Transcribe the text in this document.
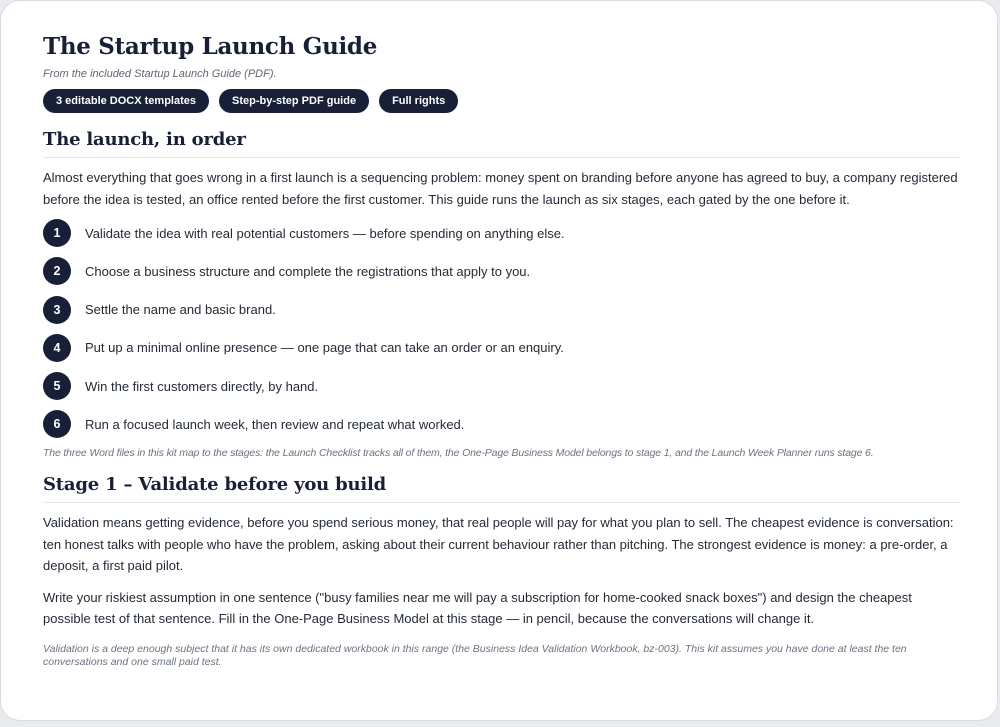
The Startup Launch Guide
From the included Startup Launch Guide (PDF).
3 editable DOCX templates	Step-by-step PDF guide	Full rights
The launch, in order

Almost everything that goes wrong in a first launch is a sequencing problem: money spent on branding before anyone has agreed to buy, a company registered before the idea is tested, an office rented before the first customer. This guide runs the launch as six stages, each gated by the one before it.

1	Validate the idea with real potential customers — before spending on anything else.
2	Choose a business structure and complete the registrations that apply to you.
3	Settle the name and basic brand.
4	Put up a minimal online presence — one page that can take an order or an enquiry.
5	Win the first customers directly, by hand.
6	Run a focused launch week, then review and repeat what worked.

The three Word files in this kit map to the stages: the Launch Checklist tracks all of them, the One-Page Business Model belongs to stage 1, and the Launch Week Planner runs stage 6.

Stage 1 – Validate before you build

Validation means getting evidence, before you spend serious money, that real people will pay for what you plan to sell. The cheapest evidence is conversation: ten honest talks with people who have the problem, asking about their current behaviour rather than pitching. The strongest evidence is money: a pre-order, a deposit, a first paid pilot.

Write your riskiest assumption in one sentence ("busy families near me will pay a subscription for home-cooked snack boxes") and design the cheapest possible test of that sentence. Fill in the One-Page Business Model at this stage — in pencil, because the conversations will change it.

Validation is a deep enough subject that it has its own dedicated workbook in this range (the Business Idea Validation Workbook, bz-003). This kit assumes you have done at least the ten conversations and one small paid test.
